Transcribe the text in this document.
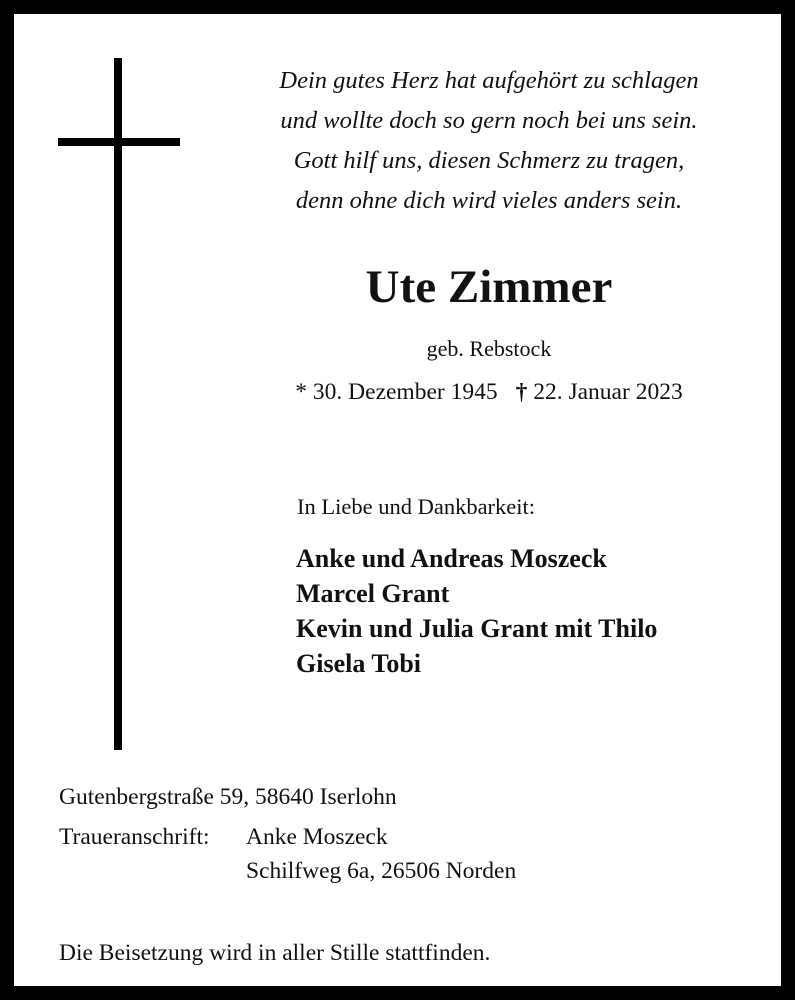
Dein gutes Herz hat aufgehört zu schlagen
und wollte doch so gern noch bei uns sein.
Gott hilf uns, diesen Schmerz zu tragen,
denn ohne dich wird vieles anders sein.

Ute Zimmer
geb. Rebstock
* 30. Dezember 1945 † 22. Januar 2023
In Liebe und Dankbarkeit:
Anke und Andreas Moszeck
Marcel Grant
Kevin und Julia Grant mit Thilo
Gisela Tobi
Gutenbergstraße 59, 58640 Iserlohn
Traueranschrift:	Anke Moszeck
Schilfweg 6a, 26506 Norden
Die Beisetzung wird in aller Stille stattfinden.
